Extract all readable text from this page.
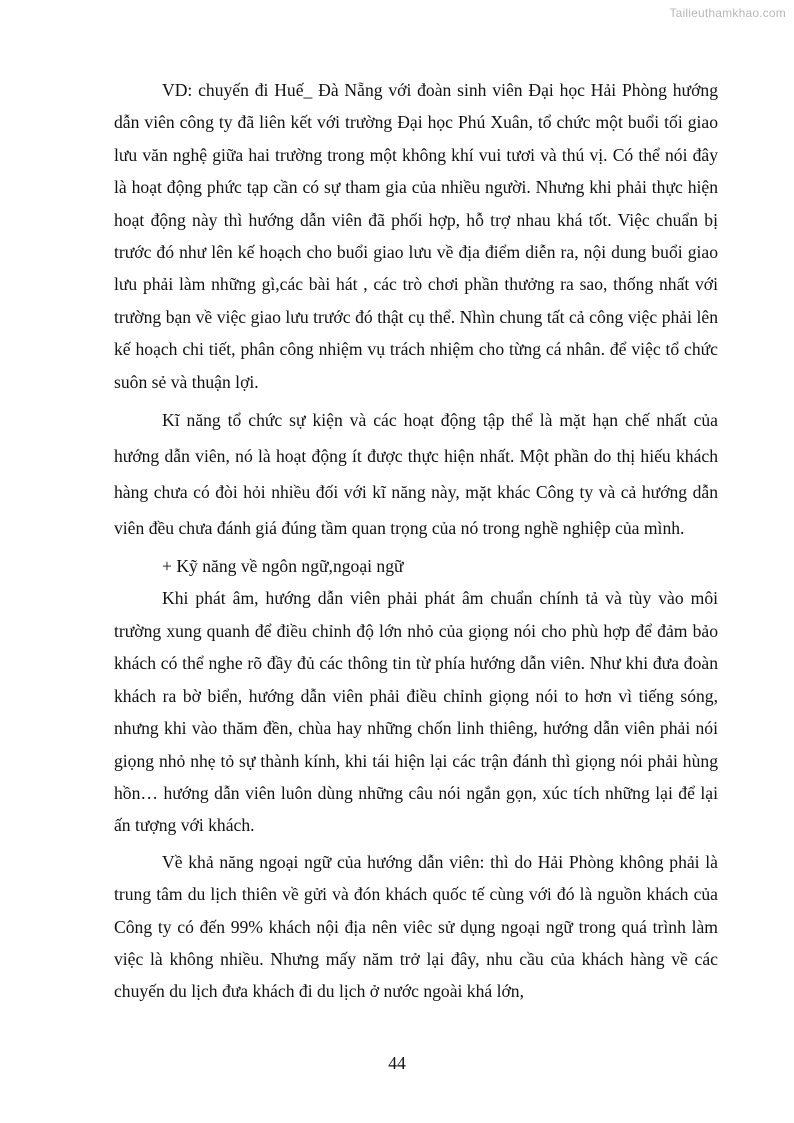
Tailieuthamkhao.com

VD: chuyến đi Huế_ Đà Nẵng với đoàn sinh viên Đại học Hải Phòng hướng dẫn viên công ty đã liên kết với trường Đại học Phú Xuân, tổ chức một buổi tối giao lưu văn nghệ giữa hai trường trong một không khí vui tươi và thú vị. Có thể nói đây là hoạt động phức tạp cần có sự tham gia của nhiều người. Nhưng khi phải thực hiện hoạt động này thì hướng dẫn viên đã phối hợp, hỗ trợ nhau khá tốt. Việc chuẩn bị trước đó như lên kế hoạch cho buổi giao lưu về địa điểm diễn ra, nội dung buổi giao lưu phải làm những gì,các bài hát , các trò chơi phần thưởng ra sao, thống nhất với trường bạn về việc giao lưu trước đó thật cụ thể. Nhìn chung tất cả công việc phải lên kế hoạch chi tiết, phân công nhiệm vụ trách nhiệm cho từng cá nhân. để việc tổ chức suôn sẻ và thuận lợi.

Kĩ năng tổ chức sự kiện và các hoạt động tập thể là mặt hạn chế nhất của hướng dẫn viên, nó là hoạt động ít được thực hiện nhất. Một phần do thị hiếu khách hàng chưa có đòi hỏi nhiều đối với kĩ năng này, mặt khác Công ty và cả hướng dẫn viên đều chưa đánh giá đúng tầm quan trọng của nó trong nghề nghiệp của mình.

+ Kỹ năng về ngôn ngữ,ngoại ngữ

Khi phát âm, hướng dẫn viên phải phát âm chuẩn chính tả và tùy vào môi trường xung quanh để điều chỉnh độ lớn nhỏ của giọng nói cho phù hợp để đảm bảo khách có thể nghe rõ đầy đủ các thông tin từ phía hướng dẫn viên. Như khi đưa đoàn khách ra bờ biển, hướng dẫn viên phải điều chỉnh giọng nói to hơn vì tiếng sóng, nhưng khi vào thăm đền, chùa hay những chốn linh thiêng, hướng dẫn viên phải nói giọng nhỏ nhẹ tỏ sự thành kính, khi tái hiện lại các trận đánh thì giọng nói phải hùng hồn… hướng dẫn viên luôn dùng những câu nói ngắn gọn, xúc tích những lại để lại ấn tượng với khách.

Về khả năng ngoại ngữ của hướng dẫn viên: thì do Hải Phòng không phải là trung tâm du lịch thiên về gửi và đón khách quốc tế cùng với đó là nguồn khách của Công ty có đến 99% khách nội địa nên viêc sử dụng ngoại ngữ trong quá trình làm việc là không nhiều. Nhưng mấy năm trở lại đây, nhu cầu của khách hàng về các chuyến du lịch đưa khách đi du lịch ở nước ngoài khá lớn,

44
